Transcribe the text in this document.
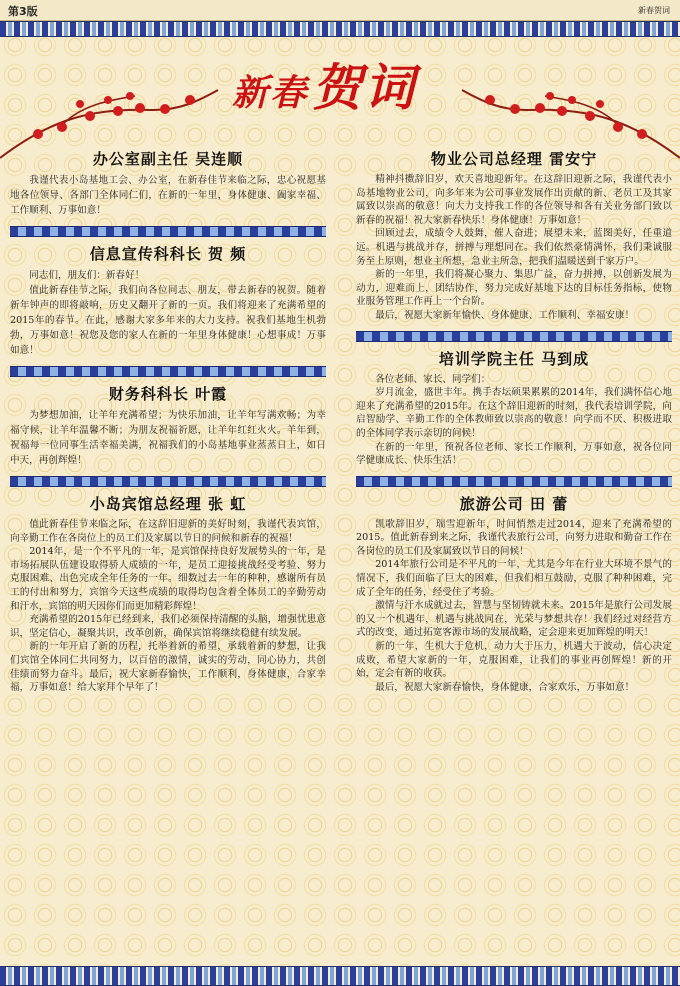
第3版	新春贺词
新春贺词
办公室副主任 吴连顺

我谨代表小岛基地工会、办公室，在新春佳节来临之际，忠心祝愿基地各位领导、各部门全体同仁们，在新的一年里，身体健康、阖家幸福、工作顺利、万事如意！

信息宣传科科长 贺 频

同志们，朋友们：新春好！

值此新春佳节之际，我们向各位同志、朋友，带去新春的祝贺。随着新年钟声的即将敲响，历史又翻开了新的一页。我们将迎来了充满希望的2015年的春节。在此，感谢大家多年来的大力支持。祝我们基地生机勃勃，万事如意！祝您及您的家人在新的一年里身体健康！心想事成！万事如意！

财务科科长 叶霞

为梦想加油，让羊年充满希望；为快乐加油，让羊年写满欢畅；为幸福守候，让羊年温馨不断；为朋友祝福祈愿，让羊年红红火火。羊年到，祝福每一位同事生活幸福美满，祝福我们的小岛基地事业蒸蒸日上，如日中天，再创辉煌！

小岛宾馆总经理 张 虹

值此新春佳节来临之际，在这辞旧迎新的美好时刻，我谨代表宾馆，向辛勤工作在各岗位上的员工们及家属以节日的问候和新春的祝福！

2014年，是一个不平凡的一年，是宾馆保持良好发展势头的一年，是市场拓展队伍建设取得骄人成绩的一年，是员工迎接挑战经受考验、努力克服困难、出色完成全年任务的一年。细数过去一年的种种，感谢所有员工的付出和努力，宾馆今天这些成绩的取得均包含着全体员工的辛勤劳动和汗水，宾馆的明天因你们而更加精彩辉煌！

充满希望的2015年已经到来，我们必须保持清醒的头脑，增强忧患意识，坚定信心，凝聚共识，改革创新，确保宾馆将继续稳健有续发展。

新的一年开启了新的历程，托举着新的希望，承载着新的梦想，让我们宾馆全体同仁共同努力，以百倍的激情，诚实的劳动，同心协力，共创佳绩而努力奋斗。最后，祝大家新春愉快，工作顺利，身体健康，合家幸福，万事如意！给大家拜个早年了！

物业公司总经理 雷安宁

精神抖擞辞旧岁，欢天喜地迎新年。在这辞旧迎新之际，我谨代表小岛基地物业公司，向多年来为公司事业发展作出贡献的新、老员工及其家属致以崇高的敬意！向大力支持我工作的各位领导和各有关业务部门致以新春的祝福！祝大家新春快乐！身体健康！万事如意！

回顾过去，成绩令人鼓舞，催人奋进；展望未来，蓝图美好，任重道远。机遇与挑战并存，拼搏与理想同在。我们依然豪情满怀，我们秉诚服务至上原则，想业主所想，急业主所急，把我们温暖送到千家万户。

新的一年里，我们将凝心聚力、集思广益，奋力拼搏，以创新发展为动力，迎难而上，团结协作，努力完成好基地下达的目标任务指标，使物业服务管理工作再上一个台阶。

最后，祝愿大家新年愉快、身体健康、工作顺利、幸福安康！

培训学院主任 马到成

各位老师、家长、同学们：

岁月流金，盛世丰年。携手杏坛硕果累累的2014年，我们满怀信心地迎来了充满希望的2015年。在这个辞旧迎新的时刻，我代表培训学院，向启智励学、辛勤工作的全体教师致以崇高的敬意！向学而不厌、积极进取的全体同学表示亲切的问候！

在新的一年里，预祝各位老师、家长工作顺利，万事如意，祝各位同学健康成长、快乐生活！

旅游公司 田 蕾

凯歌辞旧岁，瑞雪迎新年，时间悄然走过2014，迎来了充满希望的2015。值此新春到来之际，我谨代表旅行公司，向努力进取和勤奋工作在各岗位的员工们及家属致以节日的问候！

2014年旅行公司是不平凡的一年，尤其是今年在行业大环境不景气的情况下，我们面临了巨大的困难，但我们相互鼓励，克服了种种困难，完成了全年的任务，经受住了考验。

激情与汗水成就过去，智慧与坚韧铸就未来。2015年是旅行公司发展的又一个机遇年，机遇与挑战同在，光荣与梦想共存！我们经过对经营方式的改变，通过拓宽客源市场的发展战略，定会迎来更加辉煌的明天！

新的一年，生机大于危机，动力大于压力，机遇大于波动，信心决定成败，希望大家新的一年，克服困难，让我们的事业再创辉煌！新的开始，定会有新的收获。

最后，祝愿大家新春愉快，身体健康，合家欢乐，万事如意！
